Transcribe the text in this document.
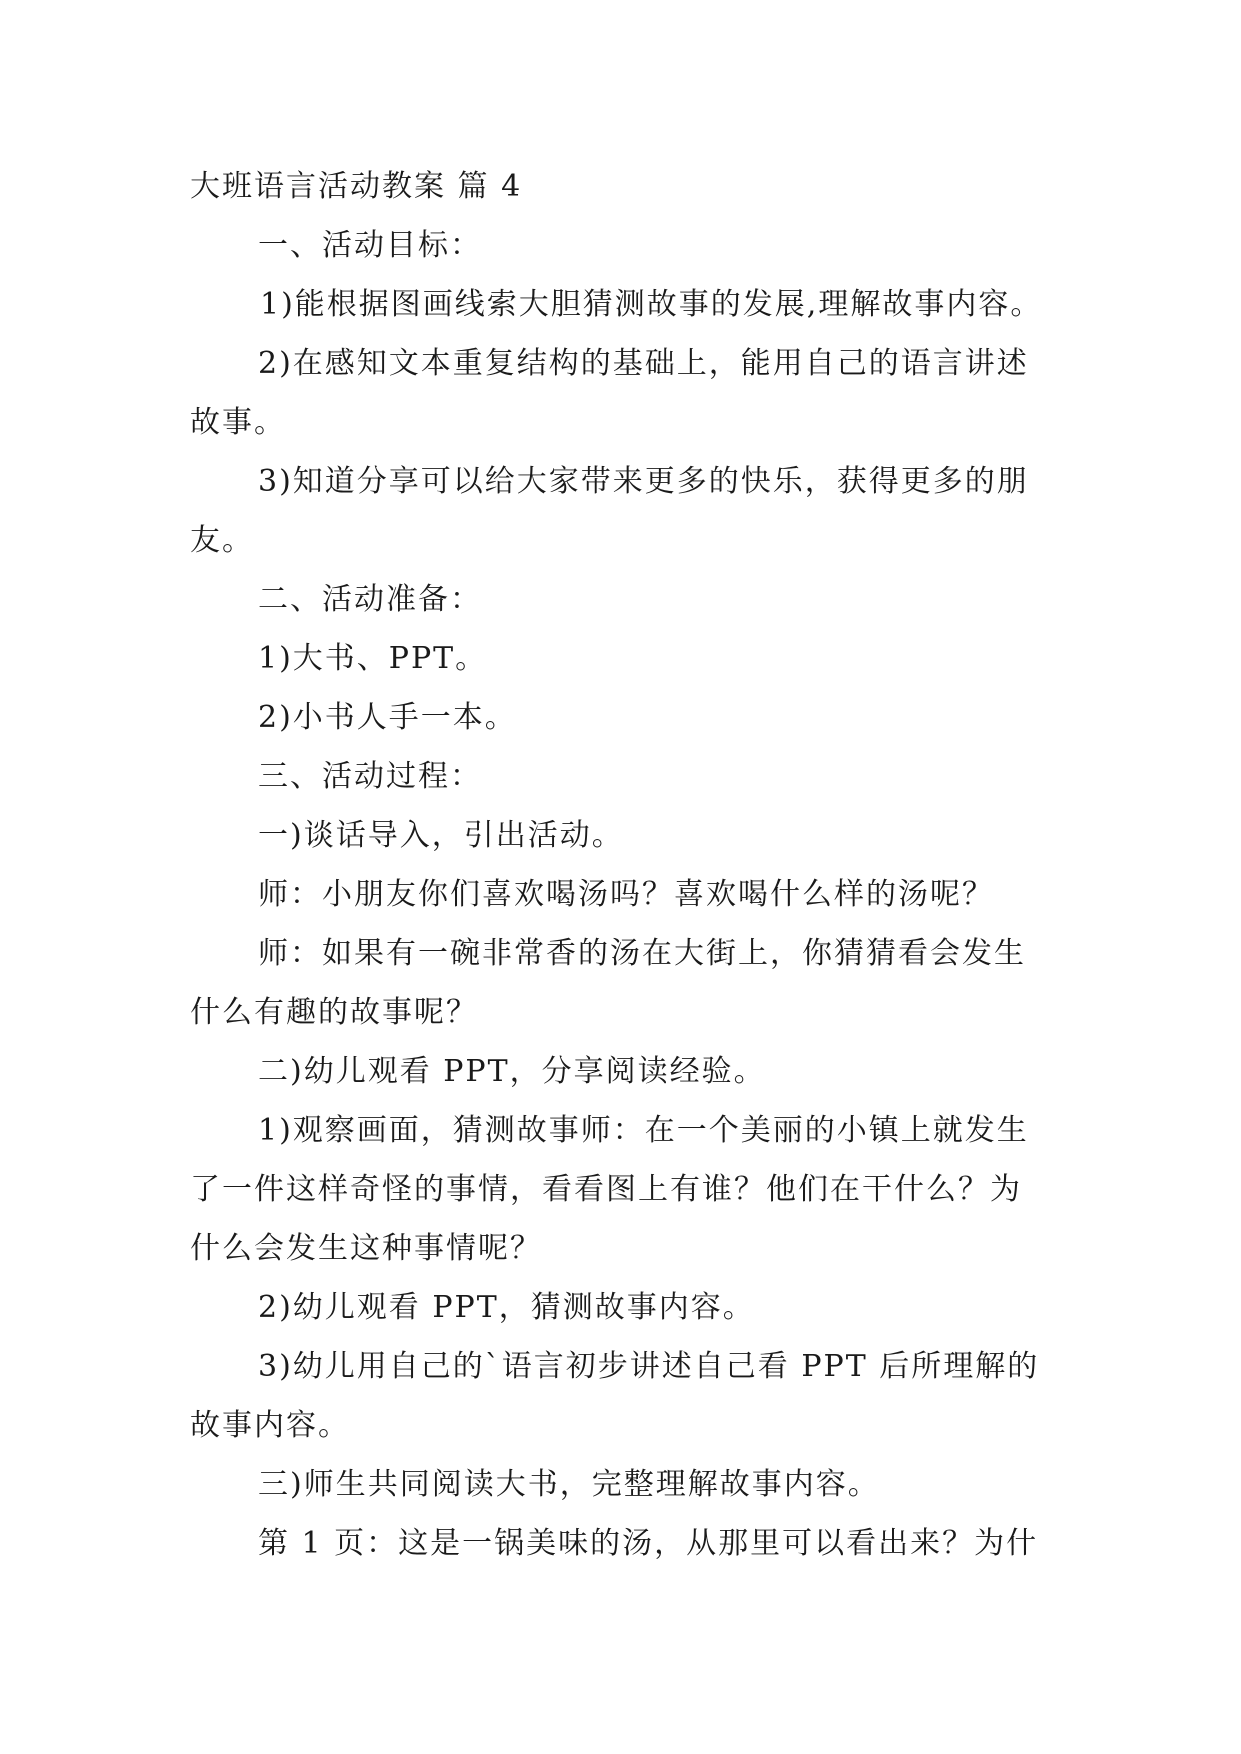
大班语言活动教案 篇 4
一、活动目标：
1)能根据图画线索大胆猜测故事的发展,理解故事内容。
2)在感知文本重复结构的基础上，能用自己的语言讲述
故事。
3)知道分享可以给大家带来更多的快乐，获得更多的朋
友。
二、活动准备：
1)大书、PPT。
2)小书人手一本。
三、活动过程：
一)谈话导入，引出活动。
师：小朋友你们喜欢喝汤吗？喜欢喝什么样的汤呢？
师：如果有一碗非常香的汤在大街上，你猜猜看会发生
什么有趣的故事呢？
二)幼儿观看 PPT，分享阅读经验。
1)观察画面，猜测故事师：在一个美丽的小镇上就发生
了一件这样奇怪的事情，看看图上有谁？他们在干什么？为
什么会发生这种事情呢？
2)幼儿观看 PPT，猜测故事内容。
3)幼儿用自己的`语言初步讲述自己看 PPT 后所理解的
故事内容。
三)师生共同阅读大书，完整理解故事内容。
第 1 页：这是一锅美味的汤，从那里可以看出来？为什
